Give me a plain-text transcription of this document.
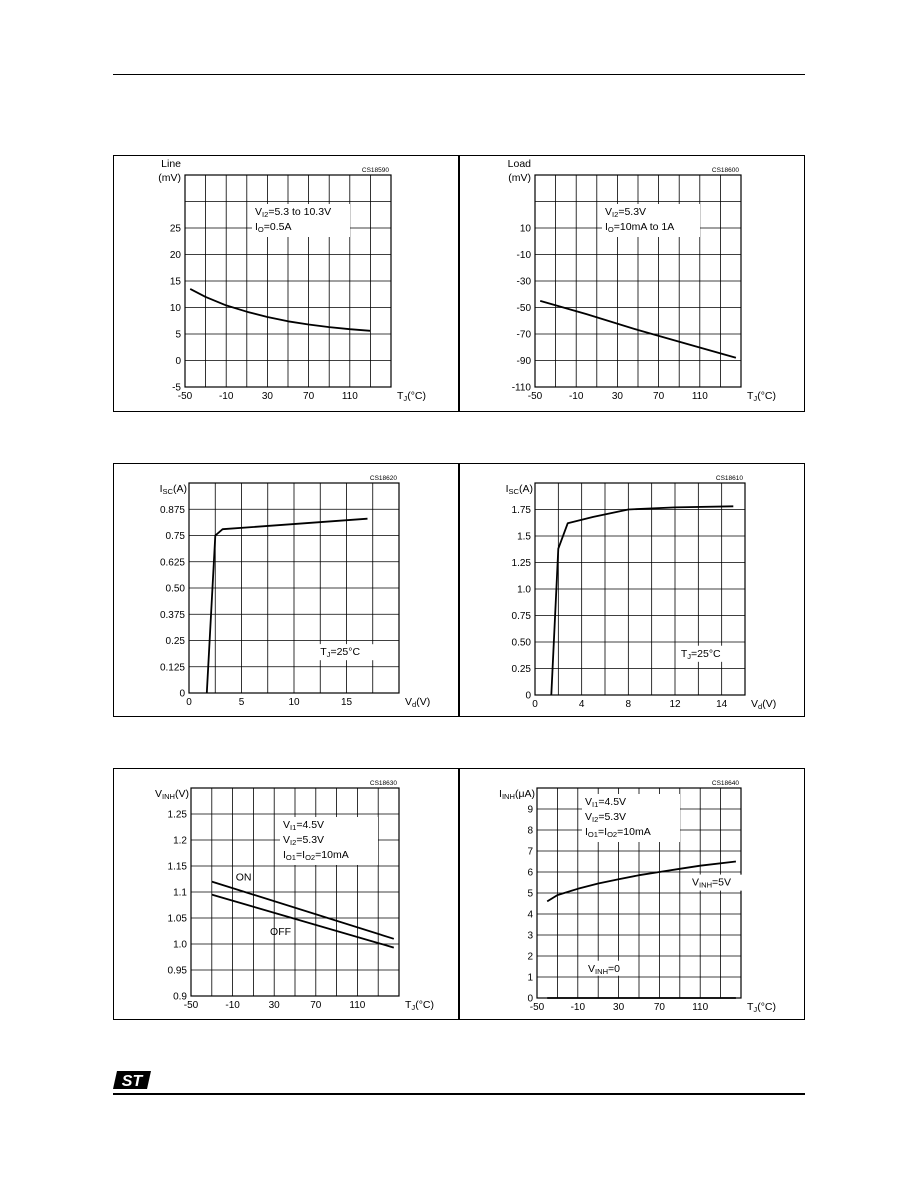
-50	-10	30	70	110
-5
0
5
10
15
20
25
Line
(mV)
TJ(°C)
CS18590
VI2=5.3 to 10.3V
IO=0.5A
-50	-10	30	70	110
-110
-90
-70
-50
-30
-10
10
Load
(mV)
TJ(°C)
CS18600
VI2=5.3V
IO=10mA to 1A
0	5	10	15
0
0.125
0.25
0.375
0.50
0.625
0.75
0.875
ISC(A)
Vd(V)
CS18620
TJ=25°C
0	4	8	12	14
0
0.25
0.50
0.75
1.0
1.25
1.5
1.75
ISC(A)
Vd(V)
CS18610
TJ=25°C
-50	-10	30	70	110
0.9
0.95
1.0
1.05
1.1
1.15
1.2
1.25
VINH(V)
TJ(°C)
CS18630
VI1=4.5V
VI2=5.3V
IO1=IO2=10mA
ON
OFF
-50	-10	30	70	110
0
1
2
3
4
5
6
7
8
9
IINH(μA)
TJ(°C)
CS18640
VI1=4.5V
VI2=5.3V
IO1=IO2=10mA
VINH=5V
VINH=0
ST
